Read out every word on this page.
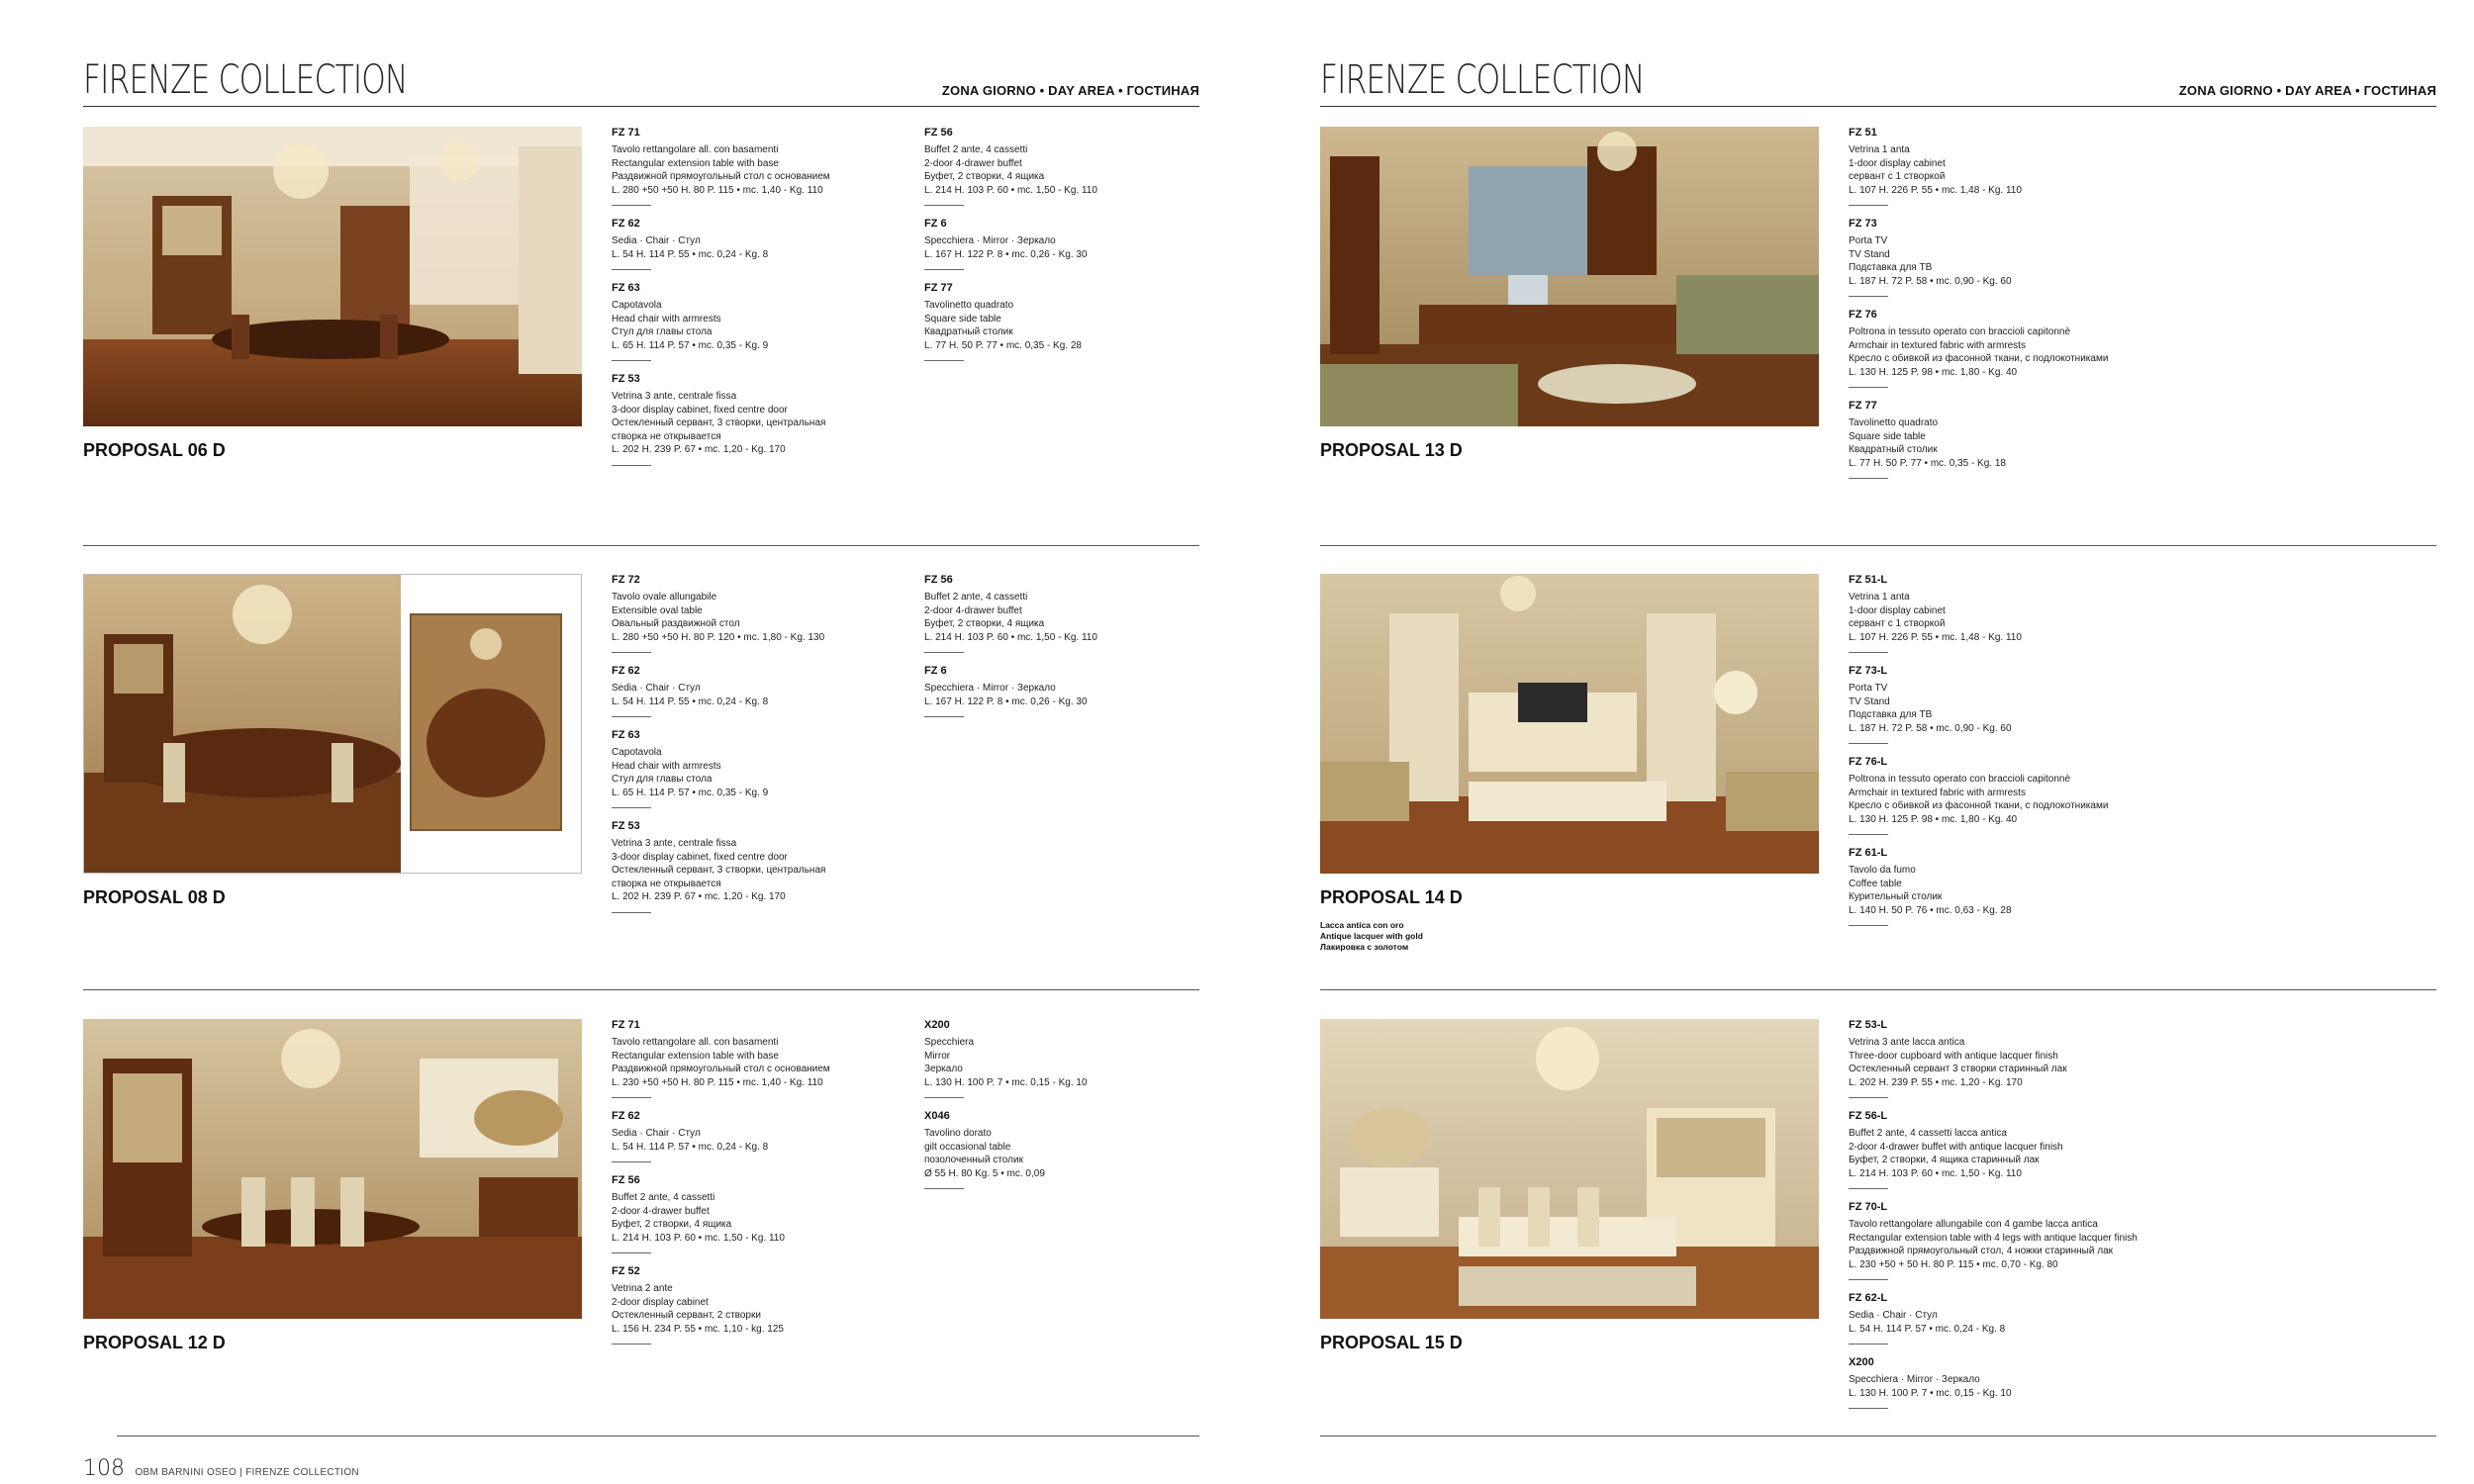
FIRENZE COLLECTION	ZONA GIORNO • DAY AREA • ГОСТИНАЯ
PROPOSAL 06 D
FZ 71
Tavolo rettangolare all. con basamenti
Rectangular extension table with base
Раздвижной прямоугольный стол с основанием
L. 280 +50 +50 H. 80 P. 115 • mc. 1,40 - Kg. 110
FZ 62
Sedia · Chair · Стул
L. 54 H. 114 P. 55 • mc. 0,24 - Kg. 8
FZ 63
Capotavola
Head chair with armrests
Стул для главы стола
L. 65 H. 114 P. 57 • mc. 0,35 - Kg. 9
FZ 53
Vetrina 3 ante, centrale fissa
3-door display cabinet, fixed centre door
Остекленный сервант, 3 створки, центральная
створка не открывается
L. 202 H. 239 P. 67 • mc. 1,20 - Kg. 170
FZ 56
Buffet 2 ante, 4 cassetti
2-door 4-drawer buffet
Буфет, 2 створки, 4 ящика
L. 214 H. 103 P. 60 • mc. 1,50 - Kg. 110
FZ 6
Specchiera · Mirror · Зеркало
L. 167 H. 122 P. 8 • mc. 0,26 - Kg. 30
FZ 77
Tavolinetto quadrato
Square side table
Квадратный столик
L. 77 H. 50 P. 77 • mc. 0,35 - Kg. 28
PROPOSAL 08 D
FZ 72
Tavolo ovale allungabile
Extensible oval table
Овальный раздвижной стол
L. 280 +50 +50 H. 80 P. 120 • mc. 1,80 - Kg. 130
FZ 62
Sedia · Chair · Стул
L. 54 H. 114 P. 55 • mc. 0,24 - Kg. 8
FZ 63
Capotavola
Head chair with armrests
Стул для главы стола
L. 65 H. 114 P. 57 • mc. 0,35 - Kg. 9
FZ 53
Vetrina 3 ante, centrale fissa
3-door display cabinet, fixed centre door
Остекленный сервант, 3 створки, центральная
створка не открывается
L. 202 H. 239 P. 67 • mc. 1,20 - Kg. 170
FZ 56
Buffet 2 ante, 4 cassetti
2-door 4-drawer buffet
Буфет, 2 створки, 4 ящика
L. 214 H. 103 P. 60 • mc. 1,50 - Kg. 110
FZ 6
Specchiera · Mirror · Зеркало
L. 167 H. 122 P. 8 • mc. 0,26 - Kg. 30
PROPOSAL 12 D
FZ 71
Tavolo rettangolare all. con basamenti
Rectangular extension table with base
Раздвижной прямоугольный стол с основанием
L. 230 +50 +50 H. 80 P. 115 • mc. 1,40 - Kg. 110
FZ 62
Sedia · Chair · Стул
L. 54 H. 114 P. 57 • mc. 0,24 - Kg. 8
FZ 56
Buffet 2 ante, 4 cassetti
2-door 4-drawer buffet
Буфет, 2 створки, 4 ящика
L. 214 H. 103 P. 60 • mc. 1,50 - Kg. 110
FZ 52
Vetrina 2 ante
2-door display cabinet
Остекленный сервант, 2 створки
L. 156 H. 234 P. 55 • mc. 1,10 - kg. 125
X200
Specchiera
Mirror
Зеркало
L. 130 H. 100 P. 7 • mc. 0,15 - Kg. 10
X046
Tavolino dorato
gilt occasional table
позолоченный столик
Ø 55 H. 80 Kg. 5 • mc. 0,09
108 OBM BARNINI OSEO | FIRENZE COLLECTION
FIRENZE COLLECTION	ZONA GIORNO • DAY AREA • ГОСТИНАЯ
PROPOSAL 13 D
FZ 51
Vetrina 1 anta
1-door display cabinet
сервант с 1 створкой
L. 107 H. 226 P. 55 • mc. 1,48 - Kg. 110
FZ 73
Porta TV
TV Stand
Подставка для ТВ
L. 187 H. 72 P. 58 • mc. 0,90 - Kg. 60
FZ 76
Poltrona in tessuto operato con braccioli capitonnè
Armchair in textured fabric with armrests
Кресло с обивкой из фасонной ткани, с подлокотниками
L. 130 H. 125 P. 98 • mc. 1,80 - Kg. 40
FZ 77
Tavolinetto quadrato
Square side table
Квадратный столик
L. 77 H. 50 P. 77 • mc. 0,35 - Kg. 18
PROPOSAL 14 D
Lacca antica con oro
Antique lacquer with gold
Лакировка с золотом
FZ 51-L
Vetrina 1 anta
1-door display cabinet
сервант с 1 створкой
L. 107 H. 226 P. 55 • mc. 1,48 - Kg. 110
FZ 73-L
Porta TV
TV Stand
Подставка для ТВ
L. 187 H. 72 P. 58 • mc. 0,90 - Kg. 60
FZ 76-L
Poltrona in tessuto operato con braccioli capitonnè
Armchair in textured fabric with armrests
Кресло с обивкой из фасонной ткани, с подлокотниками
L. 130 H. 125 P. 98 • mc. 1,80 - Kg. 40
FZ 61-L
Tavolo da fumo
Coffee table
Курительный столик
L. 140 H. 50 P. 76 • mc. 0,63 - Kg. 28
PROPOSAL 15 D
FZ 53-L
Vetrina 3 ante lacca antica
Three-door cupboard with antique lacquer finish
Остекленный сервант 3 створки старинный лак
L. 202 H. 239 P. 55 • mc. 1,20 - Kg. 170
FZ 56-L
Buffet 2 ante, 4 cassetti lacca antica
2-door 4-drawer buffet with antique lacquer finish
Буфет, 2 створки, 4 ящика старинный лак
L. 214 H. 103 P. 60 • mc. 1,50 - Kg. 110
FZ 70-L
Tavolo rettangolare allungabile con 4 gambe lacca antica
Rectangular extension table with 4 legs with antique lacquer finish
Раздвижной прямоугольный стол, 4 ножки старинный лак
L. 230 +50 + 50 H. 80 P. 115 • mc. 0,70 - Kg. 80
FZ 62-L
Sedia · Chair · Стул
L. 54 H. 114 P. 57 • mc. 0,24 - Kg. 8
X200
Specchiera · Mirror · Зеркало
L. 130 H. 100 P. 7 • mc. 0,15 - Kg. 10
